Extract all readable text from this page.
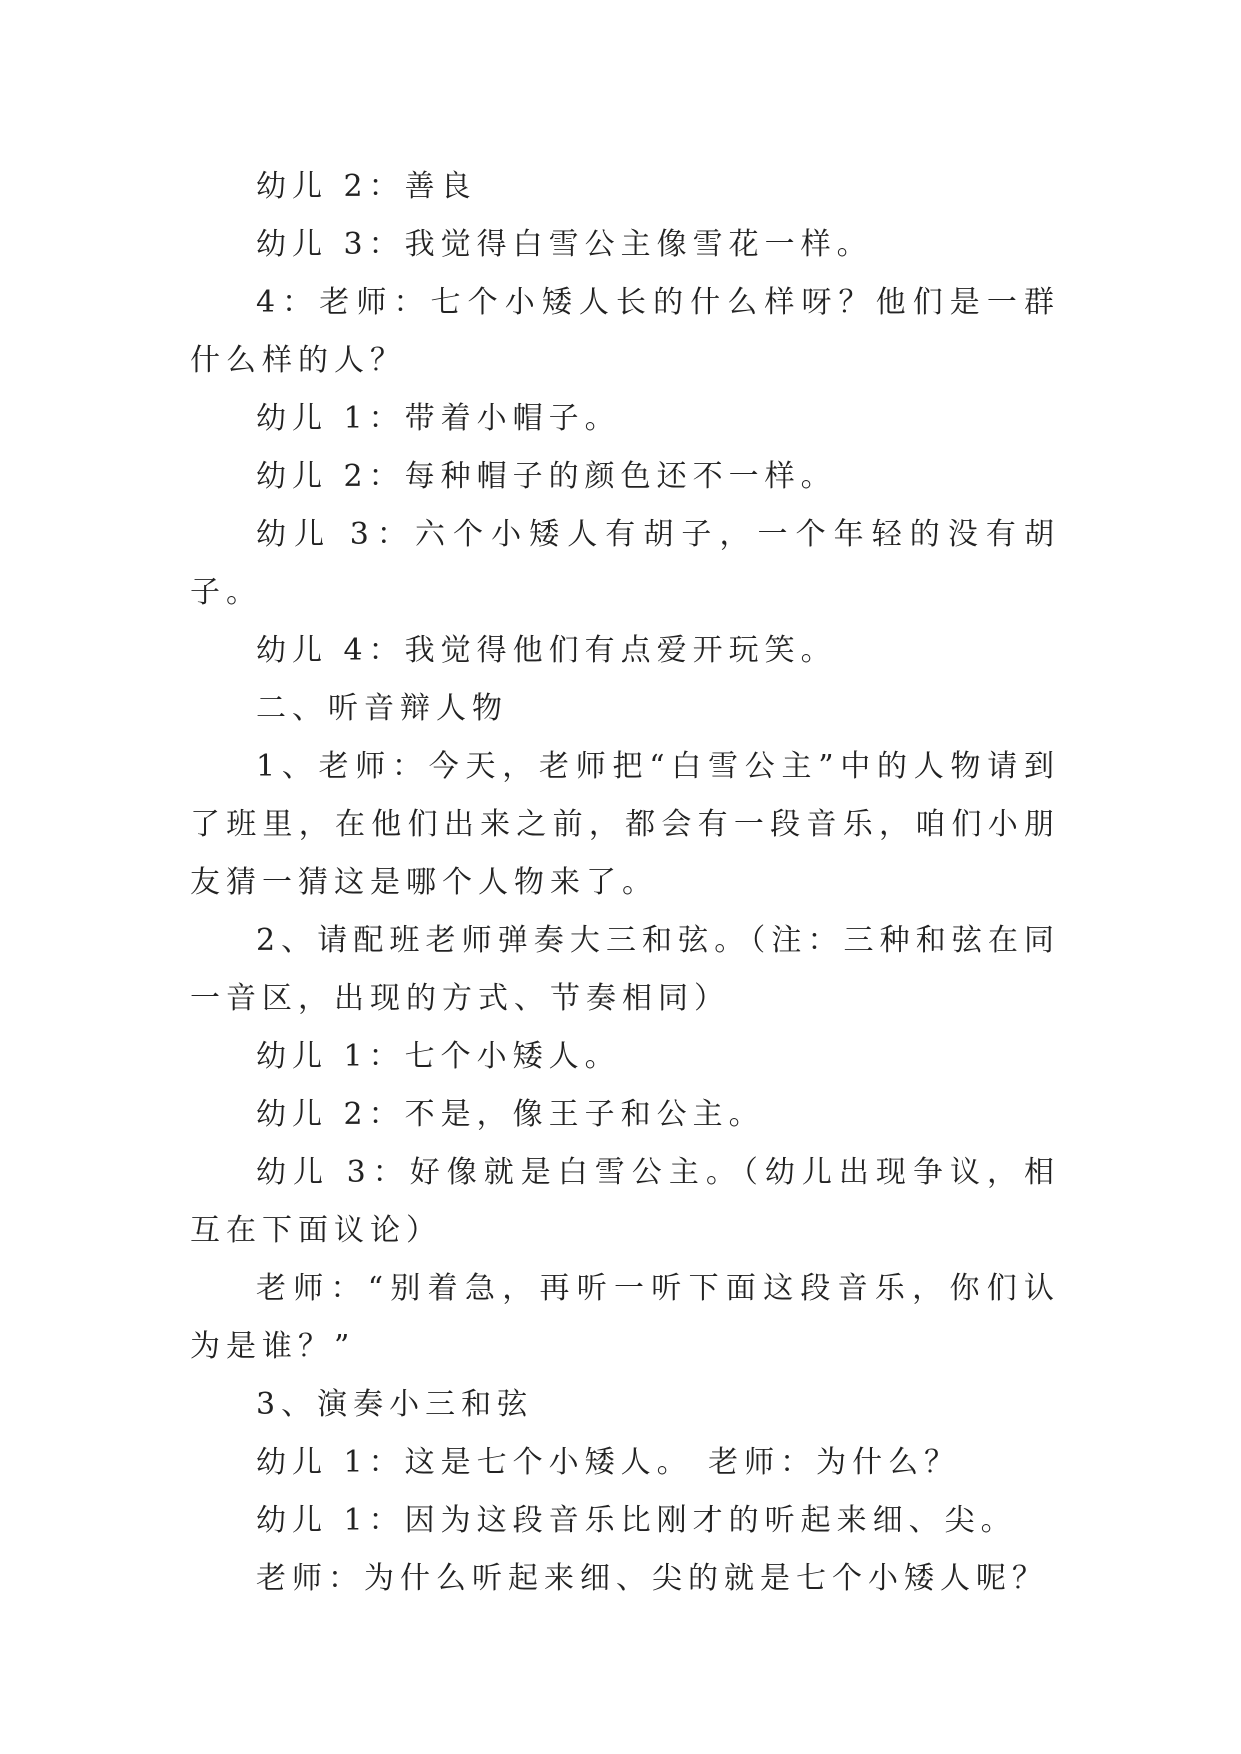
幼儿 2：善良

幼儿 3：我觉得白雪公主像雪花一样。

4：老师：七个小矮人长的什么样呀？他们是一群什么样的人？

幼儿 1：带着小帽子。

幼儿 2：每种帽子的颜色还不一样。

幼儿 3：六个小矮人有胡子，一个年轻的没有胡子。

幼儿 4：我觉得他们有点爱开玩笑。

二、听音辩人物

1、老师：今天，老师把“白雪公主”中的人物请到了班里，在他们出来之前，都会有一段音乐，咱们小朋友猜一猜这是哪个人物来了。

2、请配班老师弹奏大三和弦。（注：三种和弦在同一音区，出现的方式、节奏相同）

幼儿 1：七个小矮人。

幼儿 2：不是，像王子和公主。

幼儿 3：好像就是白雪公主。（幼儿出现争议，相互在下面议论）

老师：“别着急，再听一听下面这段音乐，你们认为是谁？”

3、演奏小三和弦

幼儿 1：这是七个小矮人。 老师：为什么？

幼儿 1：因为这段音乐比刚才的听起来细、尖。

老师：为什么听起来细、尖的就是七个小矮人呢？
